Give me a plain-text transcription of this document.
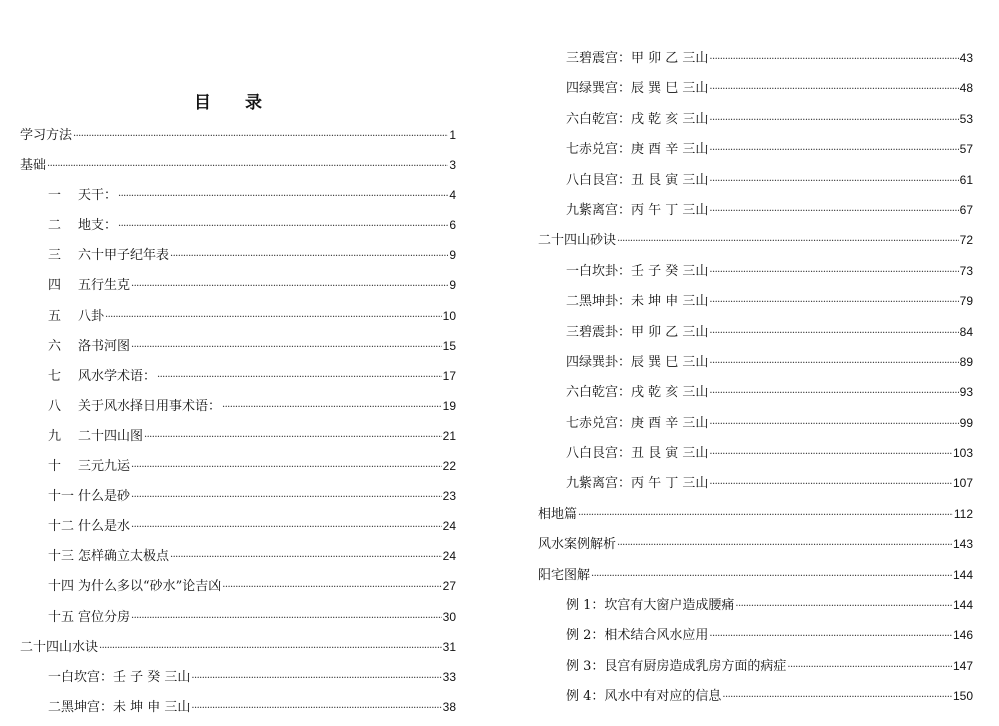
目 录
学习方法 ·····	1
基础 ·····	3
一	天干： ·····	4
二	地支： ·····	6
三	六十甲子纪年表 ·····	9
四	五行生克 ·····	9
五	八卦 ·····	10
六	洛书河图 ·····	15
七	风水学术语： ·····	17
八	关于风水择日用事术语： ·····	19
九	二十四山图 ·····	21
十	三元九运 ·····	22
十一 什么是砂 ·····	23
十二 什么是水 ·····	24
十三 怎样确立太极点 ·····	24
十四 为什么多以“砂水”论吉凶 ·····	27
十五 宫位分房 ·····	30
二十四山水诀 ·····	31
一白坎宫：壬 子 癸 三山 ·····	33
二黑坤宫：未 坤 申 三山 ·····	38
三碧震宫：甲 卯 乙 三山 ·····	43
四绿巽宫：辰 巽 巳 三山 ·····	48
六白乾宫：戌 乾 亥 三山 ·····	53
七赤兑宫：庚 酉 辛 三山 ·····	57
八白艮宫：丑 艮 寅 三山 ·····	61
九紫离宫：丙 午 丁 三山 ·····	67
二十四山砂诀 ·····	72
一白坎卦：壬 子 癸 三山 ·····	73
二黑坤卦：未 坤 申 三山 ·····	79
三碧震卦：甲 卯 乙 三山 ·····	84
四绿巽卦：辰 巽 巳 三山 ·····	89
六白乾宫：戌 乾 亥 三山 ·····	93
七赤兑宫：庚 酉 辛 三山 ·····	99
八白艮宫：丑 艮 寅 三山 ·····	103
九紫离宫：丙 午 丁 三山 ·····	107
相地篇 ·····	112
风水案例解析 ·····	143
阳宅图解 ·····	144
例 1：坎宫有大窗户造成腰痛 ·····	144
例 2：相术结合风水应用 ·····	146
例 3：艮宫有厨房造成乳房方面的病症 ·····	147
例 4：风水中有对应的信息 ·····	150
